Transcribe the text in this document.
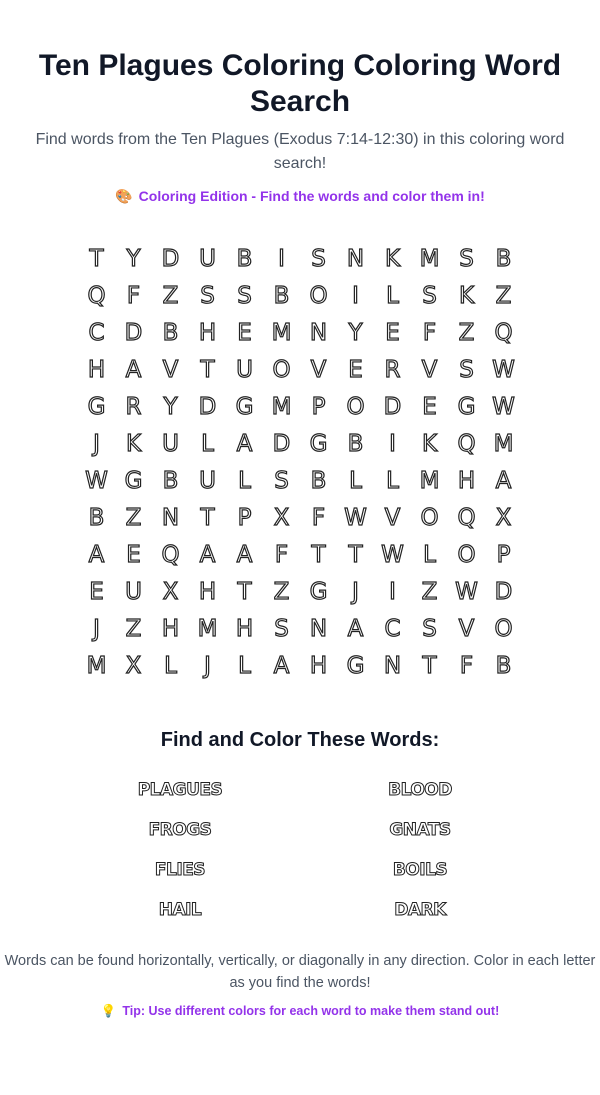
Ten Plagues Coloring Coloring Word Search

Find words from the Ten Plagues (Exodus 7:14-12:30) in this coloring word search!

🎨 Coloring Edition - Find the words and color them in!
T Y D U B	I	S N K M S B
Q F Z S S B O	I	L	S K Z
C D B H E M N Y E	F Z Q
H A V T U O V E R V S W
G R Y D G M P O D E G W
J	K U L A D G B	I	K Q M
W G B U L	S B L	L M H A
B Z N T	P X F W V O Q X
A E Q A A F	T T W L O P
E U X H T Z G	J	I	Z W D
J	Z H M H S N A C S V O
M X L	J	L A H G N T	F B
Find and Color These Words:
PLAGUES	BLOOD
FROGS	GNATS
FLIES	BOILS
HAIL	DARK

Words can be found horizontally, vertically, or diagonally in any direction. Color in each letter as you find the words!

💡 Tip: Use different colors for each word to make them stand out!
